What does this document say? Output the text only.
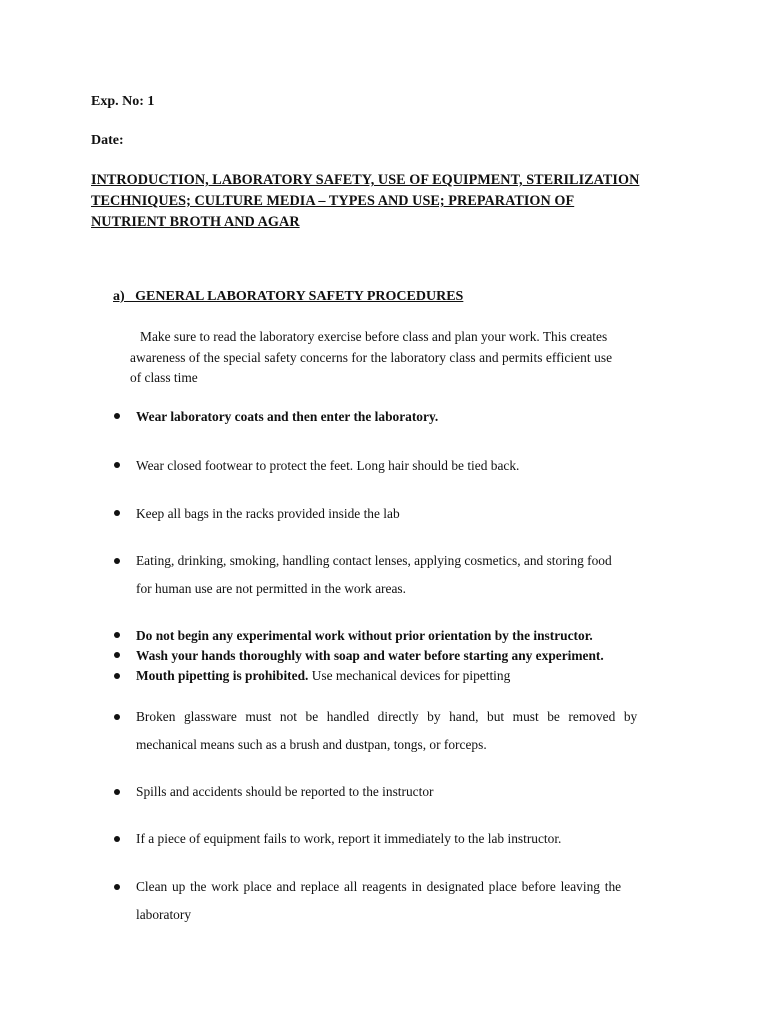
Exp. No: 1
Date:
INTRODUCTION, LABORATORY SAFETY, USE OF EQUIPMENT, STERILIZATION
TECHNIQUES; CULTURE MEDIA – TYPES AND USE; PREPARATION OF
NUTRIENT BROTH AND AGAR
a)   GENERAL LABORATORY SAFETY PROCEDURES
Make sure to read the laboratory exercise before class and plan your work. This creates
awareness of the special safety concerns for the laboratory class and permits efficient use
of class time
Wear laboratory coats and then enter the laboratory.
Wear closed footwear to protect the feet. Long hair should be tied back.
Keep all bags in the racks provided inside the lab
Eating, drinking, smoking, handling contact lenses, applying cosmetics, and storing food
for human use are not permitted in the work areas.
Do not begin any experimental work without prior orientation by the instructor.
Wash your hands thoroughly with soap and water before starting any experiment.
Mouth pipetting is prohibited. Use mechanical devices for pipetting
Broken glassware must not be handled directly by hand, but must be removed by
mechanical means such as a brush and dustpan, tongs, or forceps.
Spills and accidents should be reported to the instructor
If a piece of equipment fails to work, report it immediately to the lab instructor.
Clean up the work place and replace all reagents in designated place before leaving the
laboratory
